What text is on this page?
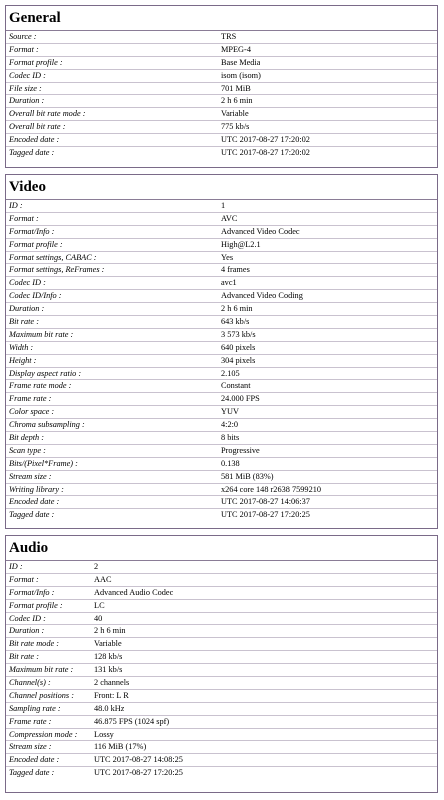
General
Source :	TRS
Format :	MPEG-4
Format profile :	Base Media
Codec ID :	isom (isom)
File size :	701 MiB
Duration :	2 h 6 min
Overall bit rate mode :	Variable
Overall bit rate :	775 kb/s
Encoded date :	UTC 2017-08-27 17:20:02
Tagged date :	UTC 2017-08-27 17:20:02
Video
ID :	1
Format :	AVC
Format/Info :	Advanced Video Codec
Format profile :	High@L2.1
Format settings, CABAC :	Yes
Format settings, ReFrames :	4 frames
Codec ID :	avc1
Codec ID/Info :	Advanced Video Coding
Duration :	2 h 6 min
Bit rate :	643 kb/s
Maximum bit rate :	3 573 kb/s
Width :	640 pixels
Height :	304 pixels
Display aspect ratio :	2.105
Frame rate mode :	Constant
Frame rate :	24.000 FPS
Color space :	YUV
Chroma subsampling :	4:2:0
Bit depth :	8 bits
Scan type :	Progressive
Bits/(Pixel*Frame) :	0.138
Stream size :	581 MiB (83%)
Writing library :	x264 core 148 r2638 7599210
Encoded date :	UTC 2017-08-27 14:06:37
Tagged date :	UTC 2017-08-27 17:20:25
Audio
ID :	2
Format :	AAC
Format/Info :	Advanced Audio Codec
Format profile :	LC
Codec ID :	40
Duration :	2 h 6 min
Bit rate mode :	Variable
Bit rate :	128 kb/s
Maximum bit rate :	131 kb/s
Channel(s) :	2 channels
Channel positions :	Front: L R
Sampling rate :	48.0 kHz
Frame rate :	46.875 FPS (1024 spf)
Compression mode :	Lossy
Stream size :	116 MiB (17%)
Encoded date :	UTC 2017-08-27 14:08:25
Tagged date :	UTC 2017-08-27 17:20:25
